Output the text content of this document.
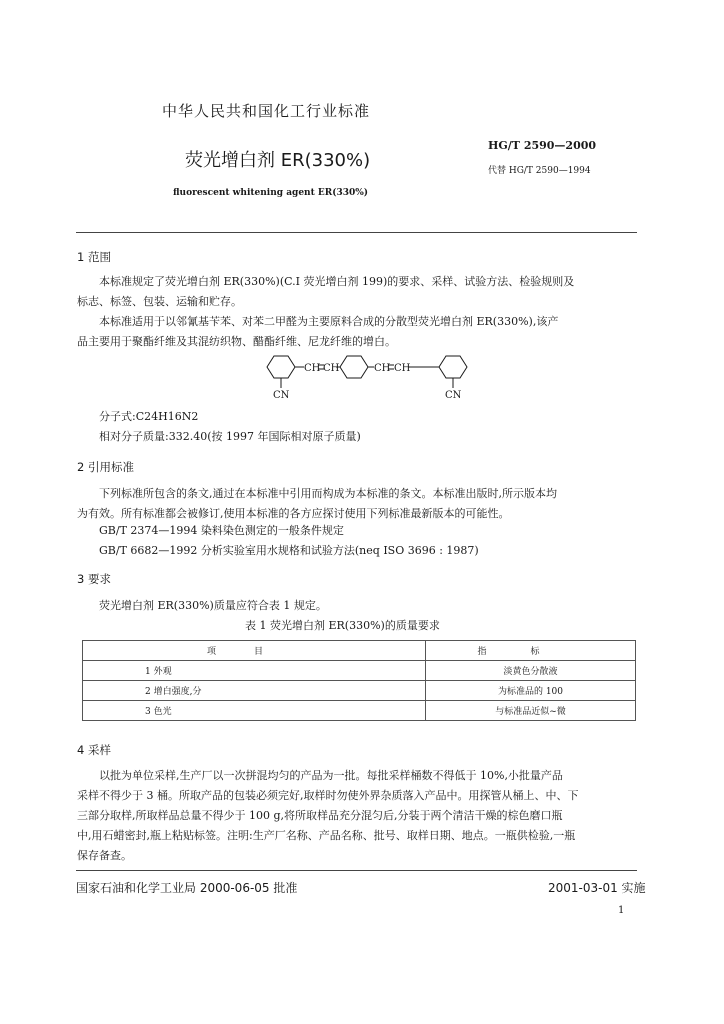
中华人民共和国化工行业标准
HG/T 2590—2000
代替 HG/T 2590—1994
荧光增白剂 ER(330%)
fluorescent whitening agent ER(330%)
1 范围
本标准规定了荧光增白剂 ER(330%)(C.I 荧光增白剂 199)的要求、采样、试验方法、检验规则及
标志、标签、包装、运输和贮存。
本标准适用于以邻氰基苄苯、对苯二甲醛为主要原料合成的分散型荧光增白剂 ER(330%),该产
品主要用于聚酯纤维及其混纺织物、醋酯纤维、尼龙纤维的增白。
CH CH	CH CH
CN	CN
分子式:C24H16N2
相对分子质量:332.40(按 1997 年国际相对原子质量)
2 引用标准
下列标准所包含的条文,通过在本标准中引用而构成为本标准的条文。本标准出版时,所示版本均
为有效。所有标准都会被修订,使用本标准的各方应探讨使用下列标准最新版本的可能性。
GB/T 2374—1994 染料染色测定的一般条件规定
GB/T 6682—1992 分析实验室用水规格和试验方法(neq ISO 3696 : 1987)
3 要求
荧光增白剂 ER(330%)质量应符合表 1 规定。
表 1 荧光增白剂 ER(330%)的质量要求
项目	指标
1 外观	淡黄色分散液
2 增白强度,分	为标准品的 100
3 色光	与标准品近似~微
4 采样
以批为单位采样,生产厂以一次拼混均匀的产品为一批。每批采样桶数不得低于 10%,小批量产品
采样不得少于 3 桶。所取产品的包装必须完好,取样时勿使外界杂质落入产品中。用探管从桶上、中、下
三部分取样,所取样品总量不得少于 100 g,将所取样品充分混匀后,分装于两个清洁干燥的棕色磨口瓶
中,用石蜡密封,瓶上粘贴标签。注明:生产厂名称、产品名称、批号、取样日期、地点。一瓶供检验,一瓶
保存备查。
国家石油和化学工业局 2000-06-05 批准	2001-03-01 实施
1
